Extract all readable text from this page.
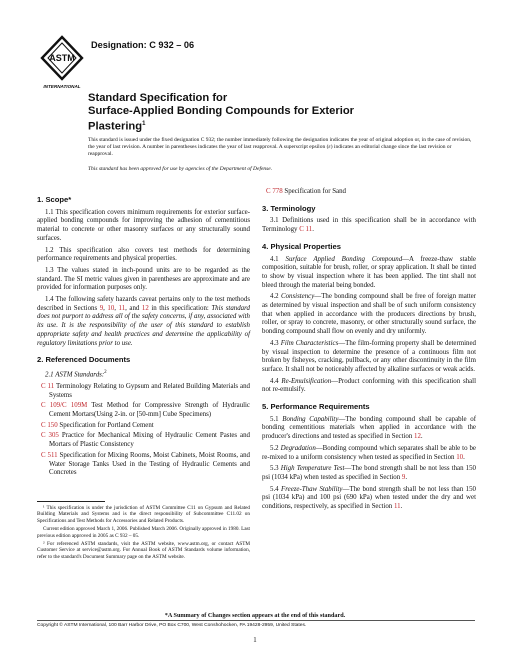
ASTM
INTERNATIONAL
Designation: C 932 – 06
Standard Specification for
Surface-Applied Bonding Compounds for Exterior
Plastering$^1$
This standard is issued under the fixed designation C 932; the number immediately following the designation indicates the year of original adoption or, in the case of revision, the year of last revision. A number in parentheses indicates the year of last reapproval. A superscript epsilon (ε) indicates an editorial change since the last revision or reapproval.
This standard has been approved for use by agencies of the Department of Defense.
1. Scope*

1.1 This specification covers minimum requirements for exterior surface-applied bonding compounds for improving the adhesion of cementitious material to concrete or other masonry surfaces or any structurally sound surfaces.

1.2 This specification also covers test methods for determining performance requirements and physical properties.

1.3 The values stated in inch-pound units are to be regarded as the standard. The SI metric values given in parentheses are approximate and are provided for information purposes only.

1.4 The following safety hazards caveat pertains only to the test methods described in Sections 9, 10, 11, and 12 in this specification: This standard does not purport to address all of the safety concerns, if any, associated with its use. It is the responsibility of the user of this standard to establish appropriate safety and health practices and determine the applicability of regulatory limitations prior to use.

2. Referenced Documents

2.1 ASTM Standards:$^2$

C 11 Terminology Relating to Gypsum and Related Building Materials and Systems
C 109/C 109M Test Method for Compressive Strength of Hydraulic Cement Mortars(Using 2-in. or [50-mm] Cube Specimens)
C 150 Specification for Portland Cement
C 305 Practice for Mechanical Mixing of Hydraulic Cement Pastes and Mortars of Plastic Consistency
C 511 Specification for Mixing Rooms, Moist Cabinets, Moist Rooms, and Water Storage Tanks Used in the Testing of Hydraulic Cements and Concretes
¹ This specification is under the jurisdiction of ASTM Committee C11 on Gypsum and Related Building Materials and Systems and is the direct responsibility of Subcommittee C11.02 on Specifications and Test Methods for Accessories and Related Products.
Current edition approved March 1, 2006. Published March 2006. Originally approved in 1980. Last previous edition approved in 2005 as C 932 – 05.
² For referenced ASTM standards, visit the ASTM website, www.astm.org, or contact ASTM Customer Service at service@astm.org. For Annual Book of ASTM Standards volume information, refer to the standard's Document Summary page on the ASTM website.
C 778 Specification for Sand
3. Terminology

3.1 Definitions used in this specification shall be in accordance with Terminology C 11.

4. Physical Properties

4.1 Surface Applied Bonding Compound—A freeze-thaw stable composition, suitable for brush, roller, or spray application. It shall be tinted to show by visual inspection where it has been applied. The tint shall not bleed through the material being bonded.

4.2 Consistency—The bonding compound shall be free of foreign matter as determined by visual inspection and shall be of such uniform consistency that when applied in accordance with the producers directions by brush, roller, or spray to concrete, masonry, or other structurally sound surface, the bonding compound shall flow on evenly and dry uniformly.

4.3 Film Characteristics—The film-forming property shall be determined by visual inspection to determine the presence of a continuous film not broken by fisheyes, cracking, pullback, or any other discontinuity in the film surface. It shall not be noticeably affected by alkaline surfaces or weak acids.

4.4 Re-Emulsification—Product conforming with this specification shall not re-emulsify.

5. Performance Requirements

5.1 Bonding Capability—The bonding compound shall be capable of bonding cementitious materials when applied in accordance with the producer's directions and tested as specified in Section 12.

5.2 Degradation—Bonding compound which separates shall be able to be re-mixed to a uniform consistency when tested as specified in Section 10.

5.3 High Temperature Test—The bond strength shall be not less than 150 psi (1034 kPa) when tested as specified in Section 9.

5.4 Freeze-Thaw Stability—The bond strength shall be not less than 150 psi (1034 kPa) and 100 psi (690 kPa) when tested under the dry and wet conditions, respectively, as specified in Section 11.

*A Summary of Changes section appears at the end of this standard.
Copyright © ASTM International, 100 Barr Harbor Drive, PO Box C700, West Conshohocken, PA 19428-2959, United States.
1
